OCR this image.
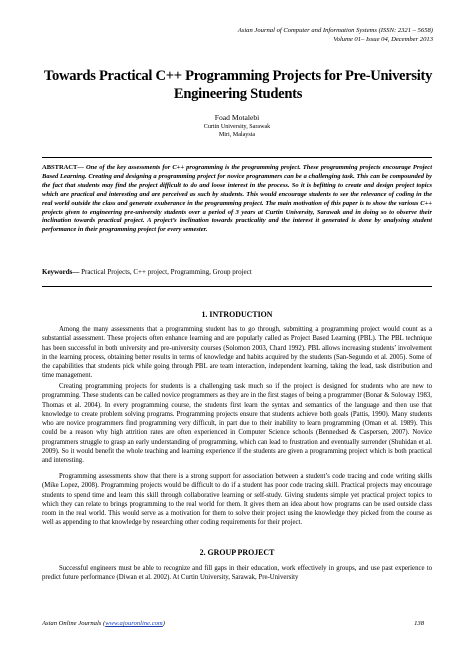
Asian Journal of Computer and Information Systems (ISSN: 2321 – 5658)
Volume 01– Issue 04, December 2013
Towards Practical C++ Programming Projects for Pre-University Engineering Students
Foad Motalebi
Curtin University, Sarawak
Miri, Malaysia
ABSTRACT— One of the key assessments for C++ programming is the programming project. These programming projects encourage Project Based Learning. Creating and designing a programming project for novice programmers can be a challenging task. This can be compounded by the fact that students may find the project difficult to do and loose interest in the process. So it is befitting to create and design project topics which are practical and interesting and are perceived as such by students. This would encourage students to see the relevance of coding in the real world outside the class and generate exuberance in the programming project. The main motivation of this paper is to show the various C++ projects given to engineering pre-university students over a period of 3 years at Curtin University, Sarawak and in doing so to observe their inclination towards practical project. A project’s inclination towards practicality and the interest it generated is done by analysing student performance in their programming project for every semester.
Keywords— Practical Projects, C++ project, Programming, Group project
1. INTRODUCTION
Among the many assessments that a programming student has to go through, submitting a programming project would count as a substantial assessment. These projects often enhance learning and are popularly called as Project Based Learning (PBL). The PBL technique has been successful in both university and pre-university courses (Solomon 2003, Chard 1992). PBL allows increasing students’ involvement in the learning process, obtaining better results in terms of knowledge and habits acquired by the students (San-Segundo et al. 2005). Some of the capabilities that students pick while going through PBL are team interaction, independent learning, taking the lead, task distribution and time management.
Creating programming projects for students is a challenging task much so if the project is designed for students who are new to programming. These students can be called novice programmers as they are in the first stages of being a programmer (Bonar & Soloway 1983, Thomas et al. 2004). In every programming course, the students first learn the syntax and semantics of the language and then use that knowledge to create problem solving programs. Programming projects ensure that students achieve both goals (Pattis, 1990). Many students who are novice programmers find programming very difficult, in part due to their inability to learn programming (Oman et al. 1989). This could be a reason why high attrition rates are often experienced in Computer Science schools (Bennedsed & Caspersen, 2007). Novice programmers struggle to grasp an early understanding of programming, which can lead to frustration and eventually surrender (Shuhidan et al. 2009). So it would benefit the whole teaching and learning experience if the students are given a programming project which is both practical and interesting.
Programming assessments show that there is a strong support for association between a student’s code tracing and code writing skills (Mike Lopez, 2008). Programming projects would be difficult to do if a student has poor code tracing skill. Practical projects may encourage students to spend time and learn this skill through collaborative learning or self-study. Giving students simple yet practical project topics to which they can relate to brings programming to the real world for them. It gives them an idea about how programs can be used outside class room in the real world. This would serve as a motivation for them to solve their project using the knowledge they picked from the course as well as appending to that knowledge by researching other coding requirements for their project.
2. GROUP PROJECT
Successful engineers must be able to recognize and fill gaps in their education, work effectively in groups, and use past experience to predict future performance (Diwan et al. 2002). At Curtin University, Sarawak, Pre-University
Asian Online Journals (www.ajouronline.com)	138
